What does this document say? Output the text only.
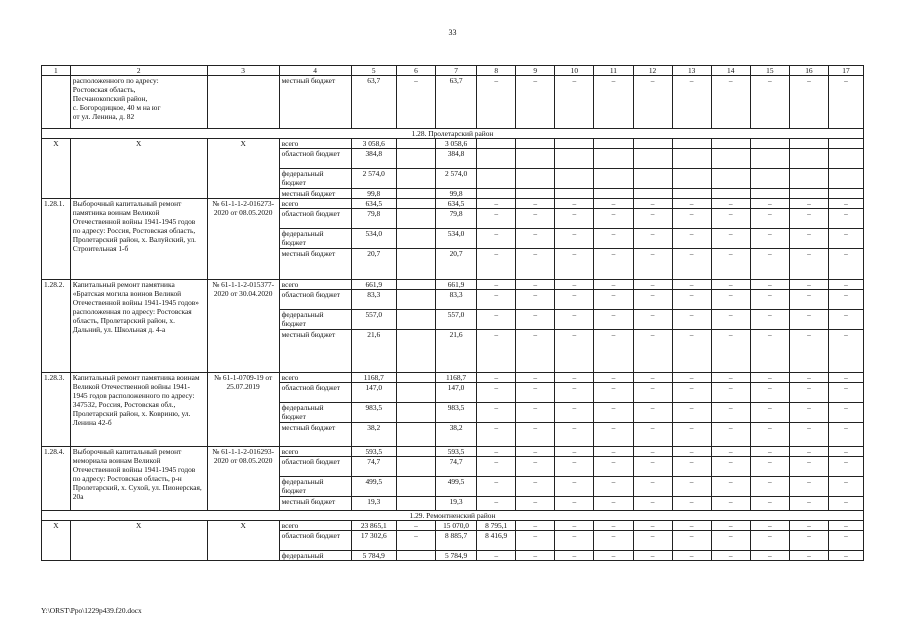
33
1	2	3	4	5	6	7	8	9	10	11	12	13	14	15	16	17
	расположенного по адресу:
Ростовская область,
Песчанокопский район,
с. Богородицкое, 40 м на юг
от ул. Ленина, д. 82		местный бюджет	63,7	–	63,7	–	–	–	–	–	–	–	–	–	–
1.28. Пролетарский район																
X	X	X	всего	3 058,6		3 058,6										
			областной бюджет	384,8		384,8										
			федеральный бюджет	2 574,0		2 574,0										
			местный бюджет	99,8		99,8										
1.28.1.	Выборочный капитальный ремонт памятника воинам Великой Отечественной войны 1941-1945 годов по адресу: Россия, Ростовская область, Пролетарский район, х. Валуйский, ул. Строительная 1-б	№ 61-1-1-2-016273-2020 от 08.05.2020	всего	634,5		634,5	–	–	–	–	–	–	–	–	–	–
			областной бюджет	79,8		79,8	–	–	–	–	–	–	–	–	–	–
			федеральный бюджет	534,0		534,0	–	–	–	–	–	–	–	–	–	–
			местный бюджет	20,7		20,7	–	–	–	–	–	–	–	–	–	–
1.28.2.	Капитальный ремонт памятника «Братская могила воинов Великой Отечественной войны 1941-1945 годов» расположенная по адресу: Ростовская область, Пролетарский район, х. Дальний, ул. Школьная д. 4-а	№ 61-1-1-2-015377-2020 от 30.04.2020	всего	661,9		661,9	–	–	–	–	–	–	–	–	–	–
			областной бюджет	83,3		83,3	–	–	–	–	–	–	–	–	–	–
			федеральный бюджет	557,0		557,0	–	–	–	–	–	–	–	–	–	–
			местный бюджет	21,6		21,6	–	–	–	–	–	–	–	–	–	–
1.28.3.	Капитальный ремонт памятника воинам Великой Отечественной войны 1941-1945 годов расположенного по адресу: 347532, Россия, Ростовская обл., Пролетарский район, х. Ковриню, ул. Ленина 42-б	№ 61-1-0709-19 от 25.07.2019	всего	1168,7		1168,7	–	–	–	–	–	–	–	–	–	–
			областной бюджет	147,0		147,0	–	–	–	–	–	–	–	–	–	–
			федеральный бюджет	983,5		983,5	–	–	–	–	–	–	–	–	–	–
			местный бюджет	38,2		38,2	–	–	–	–	–	–	–	–	–	–
1.28.4.	Выборочный капитальный ремонт мемориала воинам Великой Отечественной войны 1941-1945 годов по адресу: Ростовская область, р-н Пролетарский, х. Сухой, ул. Пионерская, 20а	№ 61-1-1-2-016293-2020 от 08.05.2020	всего	593,5		593,5	–	–	–	–	–	–	–	–	–	–
			областной бюджет	74,7		74,7	–	–	–	–	–	–	–	–	–	–
			федеральный бюджет	499,5		499,5	–	–	–	–	–	–	–	–	–	–
			местный бюджет	19,3		19,3	–	–	–	–	–	–	–	–	–	–
1.29. Ремонтненский район																
X	X	X	всего	23 865,1	–	15 070,0	8 795,1	–	–	–	–	–	–	–	–	–
			областной бюджет	17 302,6	–	8 885,7	8 416,9	–	–	–	–	–	–	–	–	–
			федеральный	5 784,9		5 784,9	–	–	–	–	–	–	–	–	–	–
Y:\ORST\Ppo\1229p439.f20.docx
